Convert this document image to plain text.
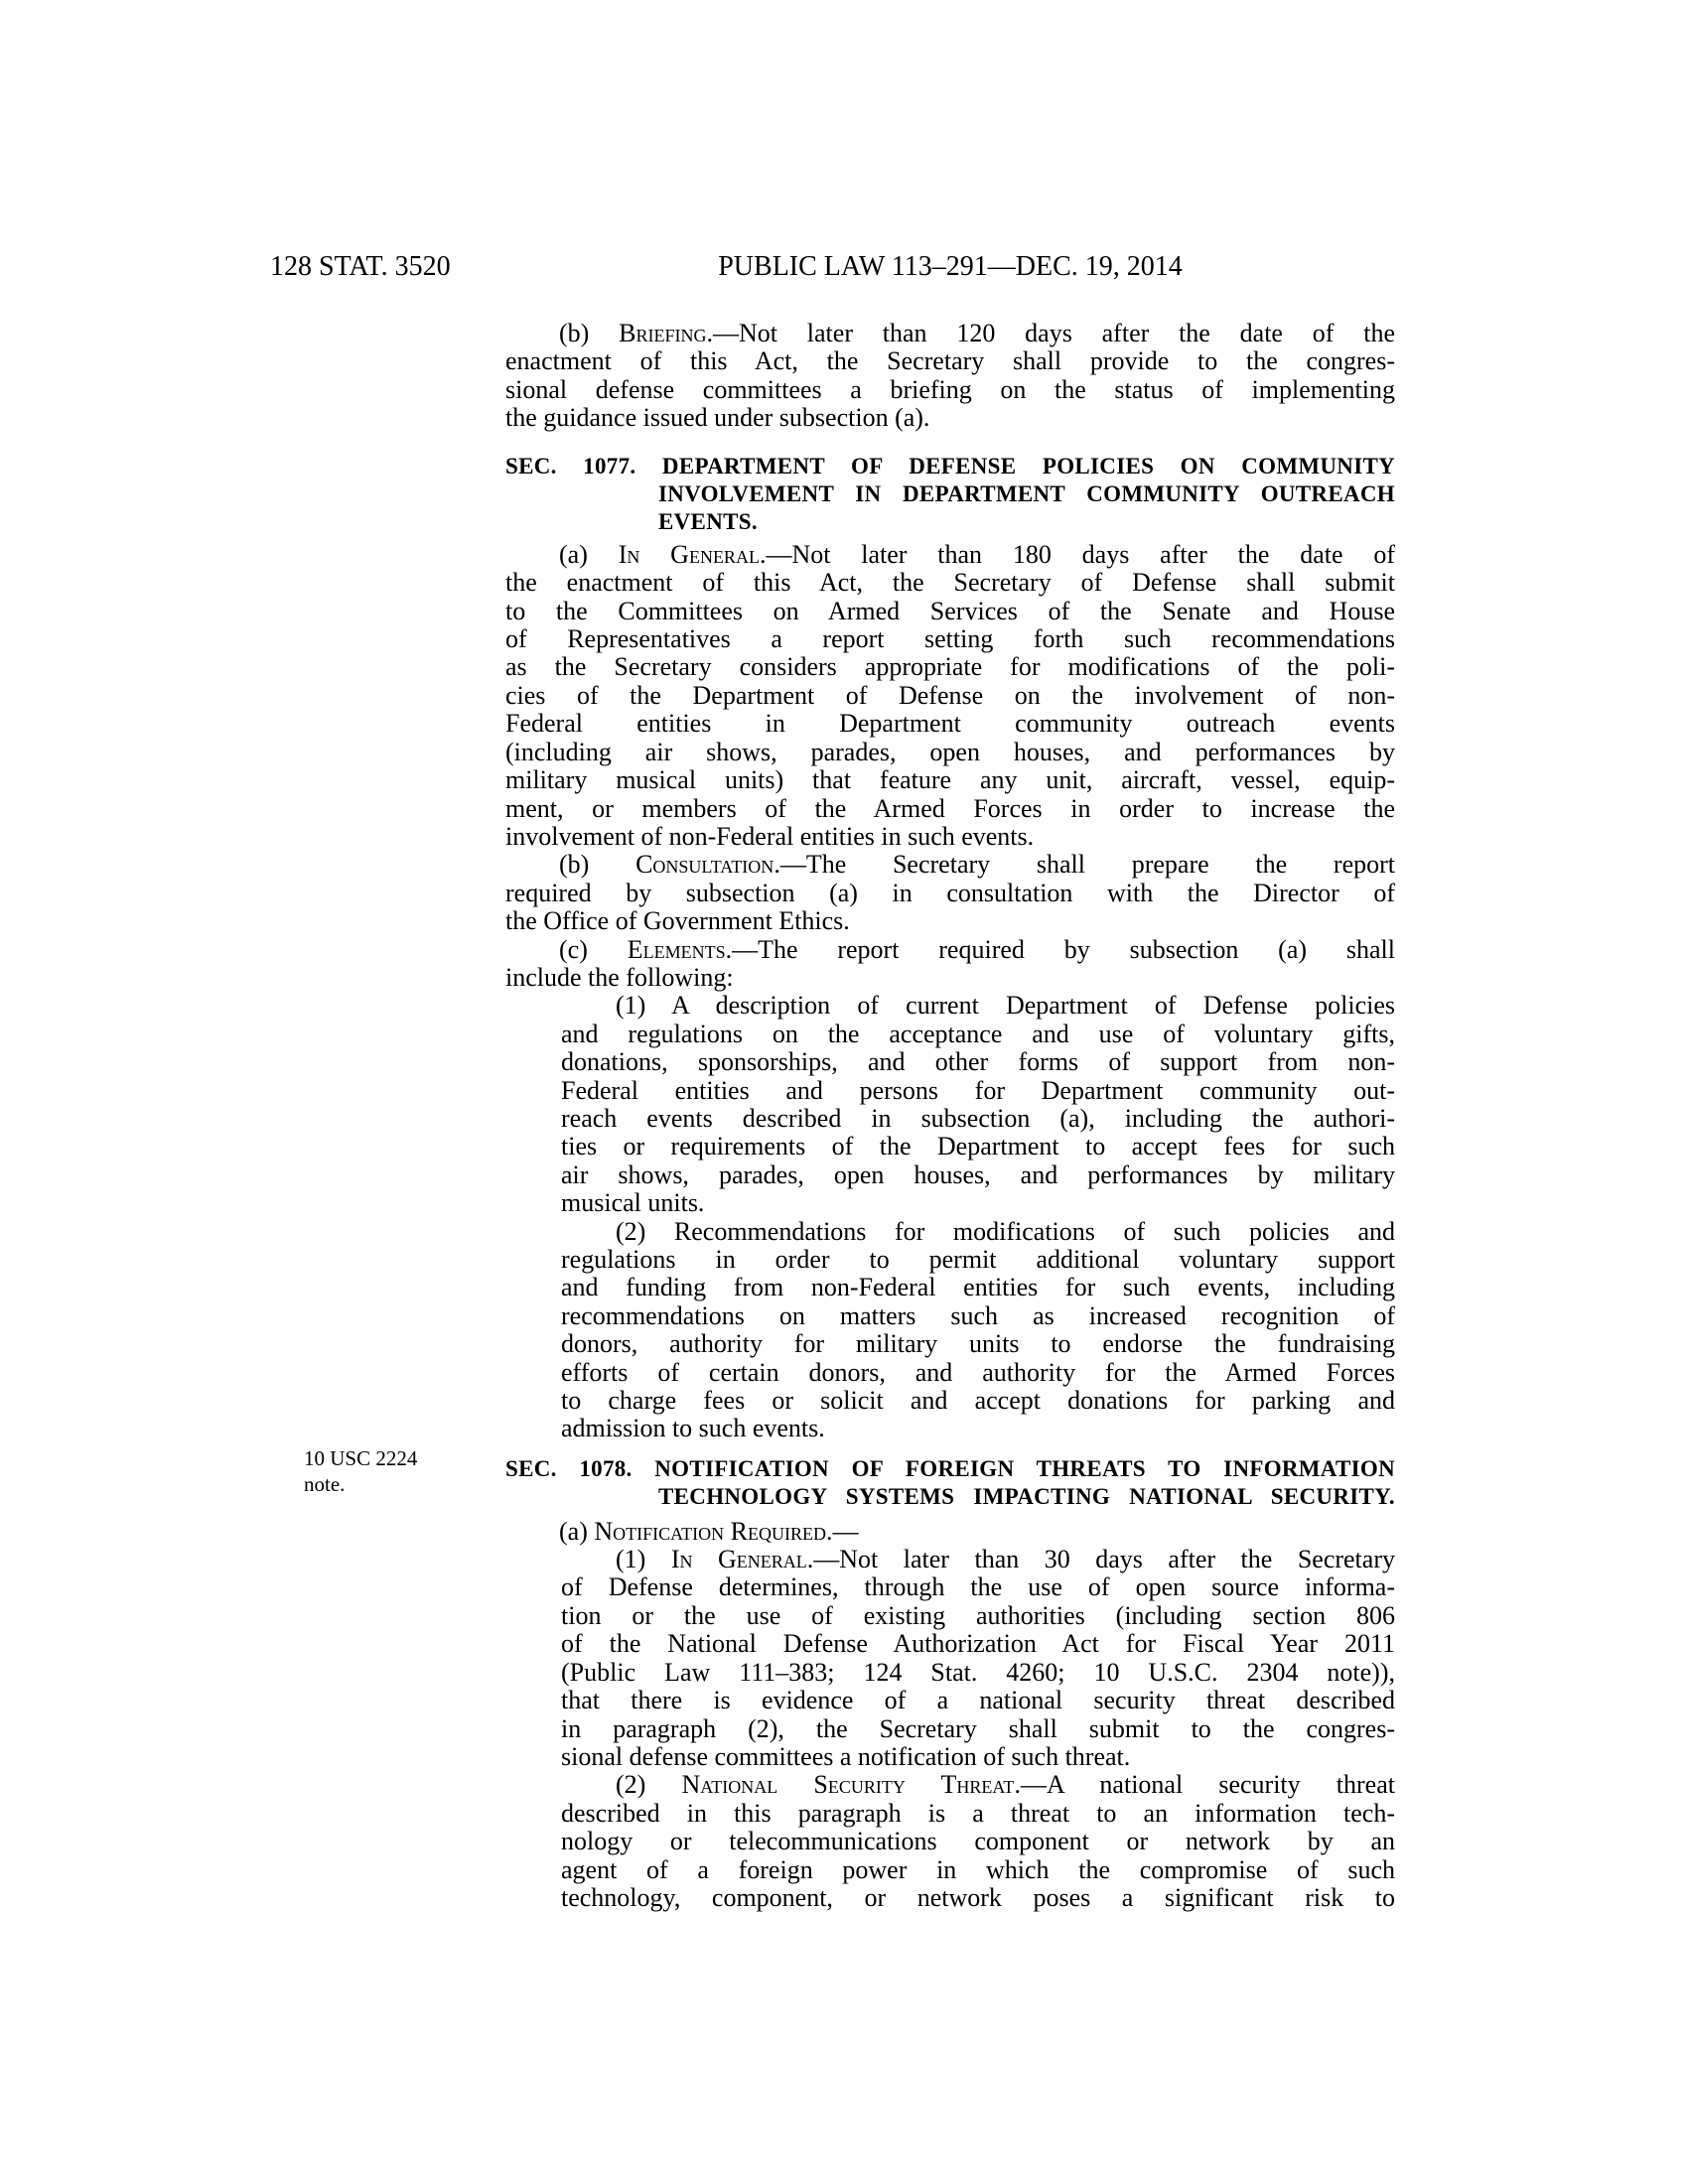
128 STAT. 3520	PUBLIC LAW 113–291—DEC. 19, 2014
10 USC 2224
note.
(b) Briefing.—Not later than 120 days after the date of the
enactment of this Act, the Secretary shall provide to the congres-
sional defense committees a briefing on the status of implementing
the guidance issued under subsection (a).
SEC. 1077. DEPARTMENT OF DEFENSE POLICIES ON COMMUNITY
INVOLVEMENT IN DEPARTMENT COMMUNITY OUTREACH
EVENTS.
(a) In General.—Not later than 180 days after the date of
the enactment of this Act, the Secretary of Defense shall submit
to the Committees on Armed Services of the Senate and House
of Representatives a report setting forth such recommendations
as the Secretary considers appropriate for modifications of the poli-
cies of the Department of Defense on the involvement of non-
Federal entities in Department community outreach events
(including air shows, parades, open houses, and performances by
military musical units) that feature any unit, aircraft, vessel, equip-
ment, or members of the Armed Forces in order to increase the
involvement of non-Federal entities in such events.
(b) Consultation.—The Secretary shall prepare the report
required by subsection (a) in consultation with the Director of
the Office of Government Ethics.
(c) Elements.—The report required by subsection (a) shall
include the following:
(1) A description of current Department of Defense policies
and regulations on the acceptance and use of voluntary gifts,
donations, sponsorships, and other forms of support from non-
Federal entities and persons for Department community out-
reach events described in subsection (a), including the authori-
ties or requirements of the Department to accept fees for such
air shows, parades, open houses, and performances by military
musical units.
(2) Recommendations for modifications of such policies and
regulations in order to permit additional voluntary support
and funding from non-Federal entities for such events, including
recommendations on matters such as increased recognition of
donors, authority for military units to endorse the fundraising
efforts of certain donors, and authority for the Armed Forces
to charge fees or solicit and accept donations for parking and
admission to such events.
SEC. 1078. NOTIFICATION OF FOREIGN THREATS TO INFORMATION
TECHNOLOGY SYSTEMS IMPACTING NATIONAL SECURITY.
(a) Notification Required.—
(1) In General.—Not later than 30 days after the Secretary
of Defense determines, through the use of open source informa-
tion or the use of existing authorities (including section 806
of the National Defense Authorization Act for Fiscal Year 2011
(Public Law 111–383; 124 Stat. 4260; 10 U.S.C. 2304 note)),
that there is evidence of a national security threat described
in paragraph (2), the Secretary shall submit to the congres-
sional defense committees a notification of such threat.
(2) National Security Threat.—A national security threat
described in this paragraph is a threat to an information tech-
nology or telecommunications component or network by an
agent of a foreign power in which the compromise of such
technology, component, or network poses a significant risk to
